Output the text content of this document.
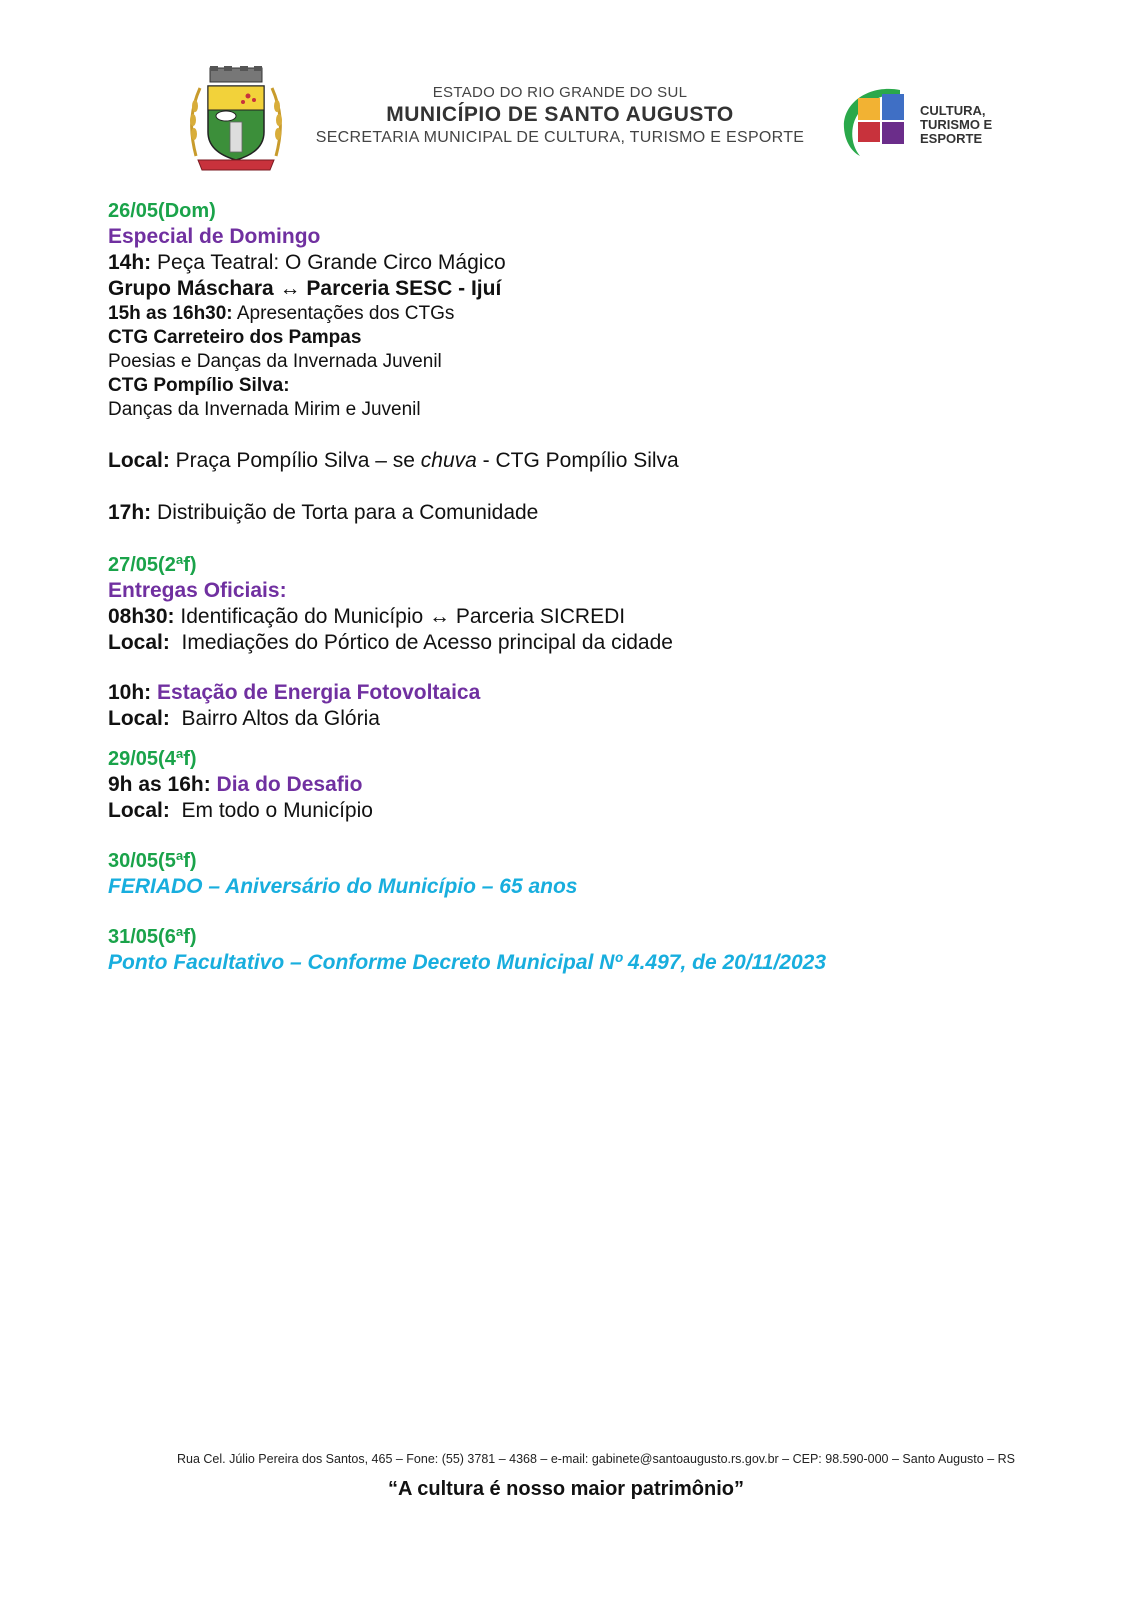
ESTADO DO RIO GRANDE DO SUL
MUNICÍPIO DE SANTO AUGUSTO
SECRETARIA MUNICIPAL DE CULTURA, TURISMO E ESPORTE
CULTURA,
TURISMO E
ESPORTE
26/05(Dom)
Especial de Domingo
14h: Peça Teatral: O Grande Circo Mágico
Grupo Máschara ↔ Parceria SESC - Ijuí
15h as 16h30: Apresentações dos CTGs
CTG Carreteiro dos Pampas
Poesias e Danças da Invernada Juvenil
CTG Pompílio Silva:
Danças da Invernada Mirim e Juvenil
Local: Praça Pompílio Silva – se chuva - CTG Pompílio Silva
17h: Distribuição de Torta para a Comunidade
27/05(2ªf)
Entregas Oficiais:
08h30: Identificação do Município ↔ Parceria SICREDI
Local:  Imediações do Pórtico de Acesso principal da cidade
10h: Estação de Energia Fotovoltaica
Local:  Bairro Altos da Glória
29/05(4ªf)
9h as 16h: Dia do Desafio
Local:  Em todo o Município
30/05(5ªf)
FERIADO – Aniversário do Município – 65 anos
31/05(6ªf)
Ponto Facultativo – Conforme Decreto Municipal Nº 4.497, de 20/11/2023
Rua Cel. Júlio Pereira dos Santos, 465 – Fone: (55) 3781 – 4368 – e-mail: gabinete@santoaugusto.rs.gov.br – CEP: 98.590-000 – Santo Augusto – RS
“A cultura é nosso maior patrimônio”
